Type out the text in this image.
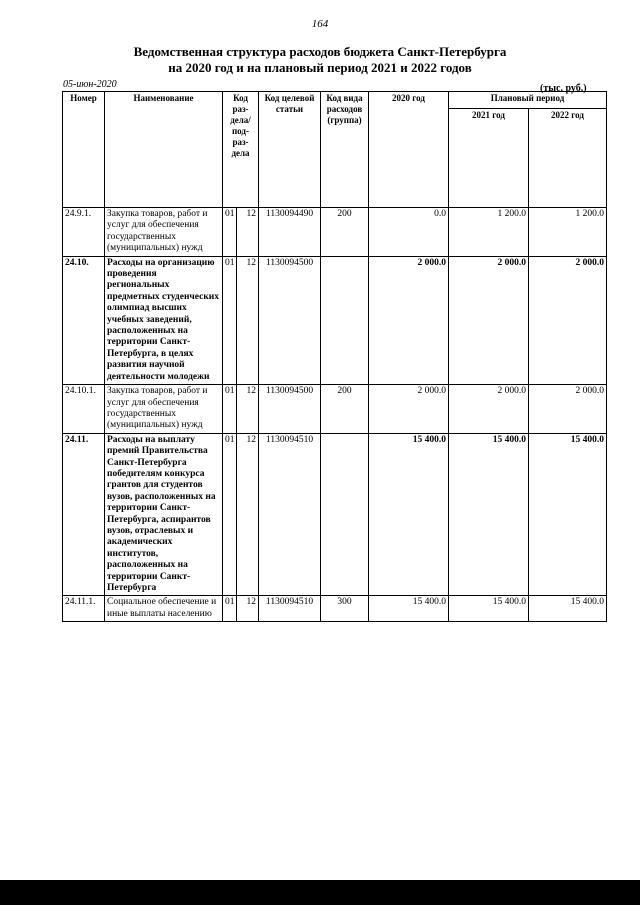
164
Ведомственная структура расходов бюджета Санкт-Петербурга
на 2020 год и на плановый период 2021 и 2022 годов
05-июн-2020	(тыс. руб.)
Номер	Наименование	Код раз-дела/ под-раз-дела		Код целевой статьи	Код вида расходов (группа)	2020 год	Плановый период	
							2021 год	2022 год
24.9.1.	Закупка товаров, работ и услуг для обеспечения государственных (муниципальных) нужд	01	12	1130094490	200	0.0	1 200.0	1 200.0
24.10.	Расходы на организацию проведения региональных предметных студенческих олимпиад высших учебных заведений, расположенных на территории Санкт-Петербурга, в целях развития научной деятельности молодежи	01	12	1130094500		2 000.0	2 000.0	2 000.0
24.10.1.	Закупка товаров, работ и услуг для обеспечения государственных (муниципальных) нужд	01	12	1130094500	200	2 000.0	2 000.0	2 000.0
24.11.	Расходы на выплату премий Правительства Санкт-Петербурга победителям конкурса грантов для студентов вузов, расположенных на территории Санкт-Петербурга, аспирантов вузов, отраслевых и академических институтов, расположенных на территории Санкт-Петербурга	01	12	1130094510		15 400.0	15 400.0	15 400.0
24.11.1.	Социальное обеспечение и иные выплаты населению	01	12	1130094510	300	15 400.0	15 400.0	15 400.0
